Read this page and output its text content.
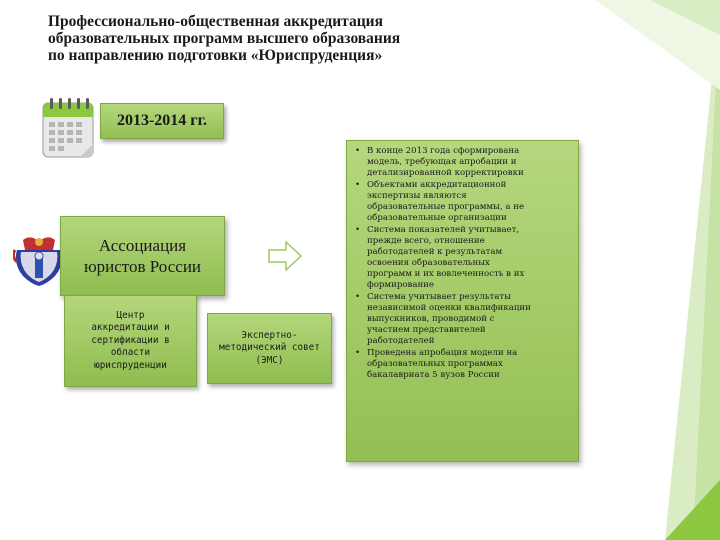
Профессионально-общественная аккредитация
образовательных программ высшего образования
по направлению подготовки «Юриспруденция»
2013-2014 гг.
Ассоциация
юристов России
Центр
аккредитации и
сертификации в
области
юриспруденции
Экспертно-
методический совет
(ЭМС)
• В конце 2013 года сформирована
модель, требующая апробации и
детализированной корректировки
• Объектами аккредитационной
экспертизы являются
образовательные программы, а не
образовательные организации
• Система показателей учитывает,
прежде всего, отношение
работодателей к результатам
освоения образовательных
программ и их вовлеченность в их
формирование
• Система учитывает результаты
независимой оценки квалификации
выпускников, проводимой с
участием представителей
работодателей
• Проведена апробация модели на
образовательных программах
бакалавриата 5 вузов России
